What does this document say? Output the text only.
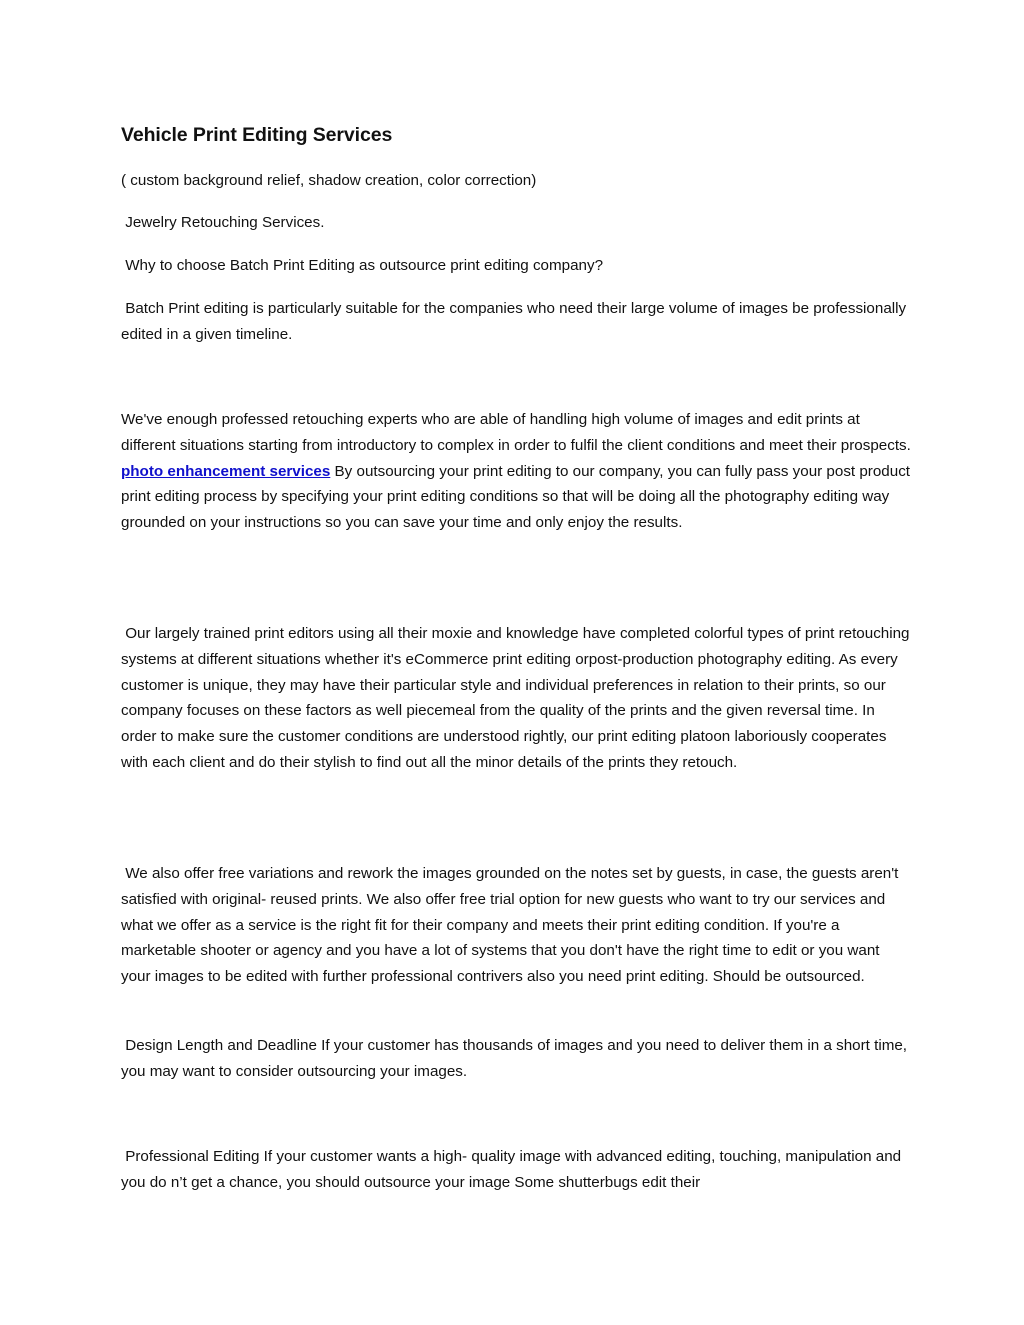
Vehicle Print Editing Services

( custom background relief, shadow creation, color correction)

Jewelry Retouching Services.

Why to choose Batch Print Editing as outsource print editing company?

Batch Print editing is particularly suitable for the companies who need their large volume of images be professionally edited in a given timeline.

We've enough professed retouching experts who are able of handling high volume of images and edit prints at different situations starting from introductory to complex in order to fulfil the client conditions and meet their prospects. photo enhancement services By outsourcing your print editing to our company, you can fully pass your post product print editing process by specifying your print editing conditions so that will be doing all the photography editing way grounded on your instructions so you can save your time and only enjoy the results.

Our largely trained print editors using all their moxie and knowledge have completed colorful types of print retouching systems at different situations whether it's eCommerce print editing orpost-production photography editing. As every customer is unique, they may have their particular style and individual preferences in relation to their prints, so our company focuses on these factors as well piecemeal from the quality of the prints and the given reversal time. In order to make sure the customer conditions are understood rightly, our print editing platoon laboriously cooperates with each client and do their stylish to find out all the minor details of the prints they retouch.

We also offer free variations and rework the images grounded on the notes set by guests, in case, the guests aren't satisfied with original- reused prints. We also offer free trial option for new guests who want to try our services and what we offer as a service is the right fit for their company and meets their print editing condition. If you're a marketable shooter or agency and you have a lot of systems that you don't have the right time to edit or you want your images to be edited with further professional contrivers also you need print editing. Should be outsourced.

Design Length and Deadline If your customer has thousands of images and you need to deliver them in a short time, you may want to consider outsourcing your images.

Professional Editing If your customer wants a high- quality image with advanced editing, touching, manipulation and you do n’t get a chance, you should outsource your image Some shutterbugs edit their
